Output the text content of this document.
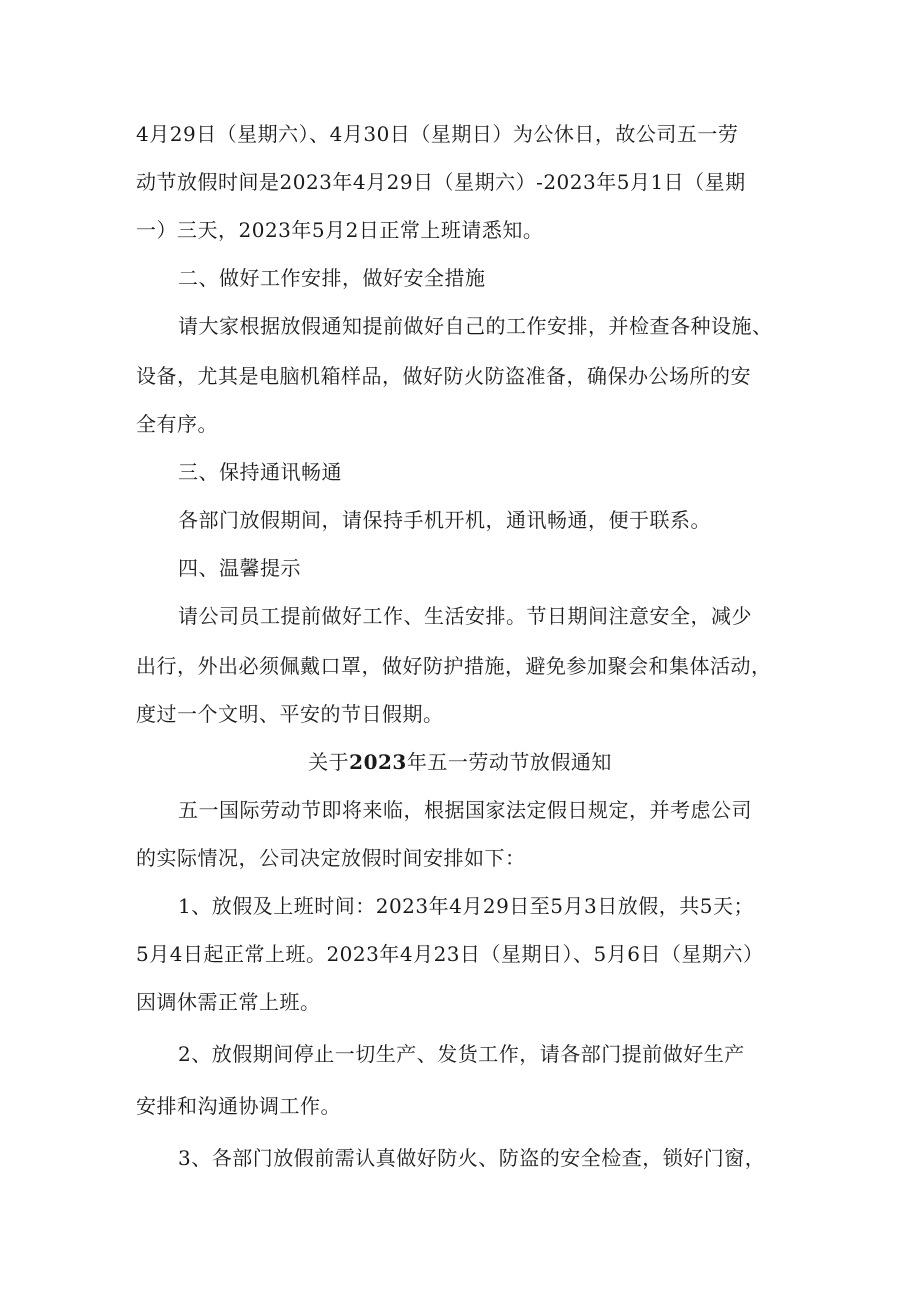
4月29日（星期六）、4月30日（星期日）为公休日，故公司五一劳
动节放假时间是2023年4月29日（星期六）-2023年5月1日（星期
一）三天，2023年5月2日正常上班请悉知。
二、做好工作安排，做好安全措施
请大家根据放假通知提前做好自己的工作安排，并检查各种设施、
设备，尤其是电脑机箱样品，做好防火防盗准备，确保办公场所的安
全有序。
三、保持通讯畅通
各部门放假期间，请保持手机开机，通讯畅通，便于联系。
四、温馨提示
请公司员工提前做好工作、生活安排。节日期间注意安全，减少
出行，外出必须佩戴口罩，做好防护措施，避免参加聚会和集体活动，
度过一个文明、平安的节日假期。
关于2023年五一劳动节放假通知
五一国际劳动节即将来临，根据国家法定假日规定，并考虑公司
的实际情况，公司决定放假时间安排如下：
1、放假及上班时间：2023年4月29日至5月3日放假，共5天；
5月4日起正常上班。2023年4月23日（星期日）、5月6日（星期六）
因调休需正常上班。
2、放假期间停止一切生产、发货工作，请各部门提前做好生产
安排和沟通协调工作。
3、各部门放假前需认真做好防火、防盗的安全检查，锁好门窗，
